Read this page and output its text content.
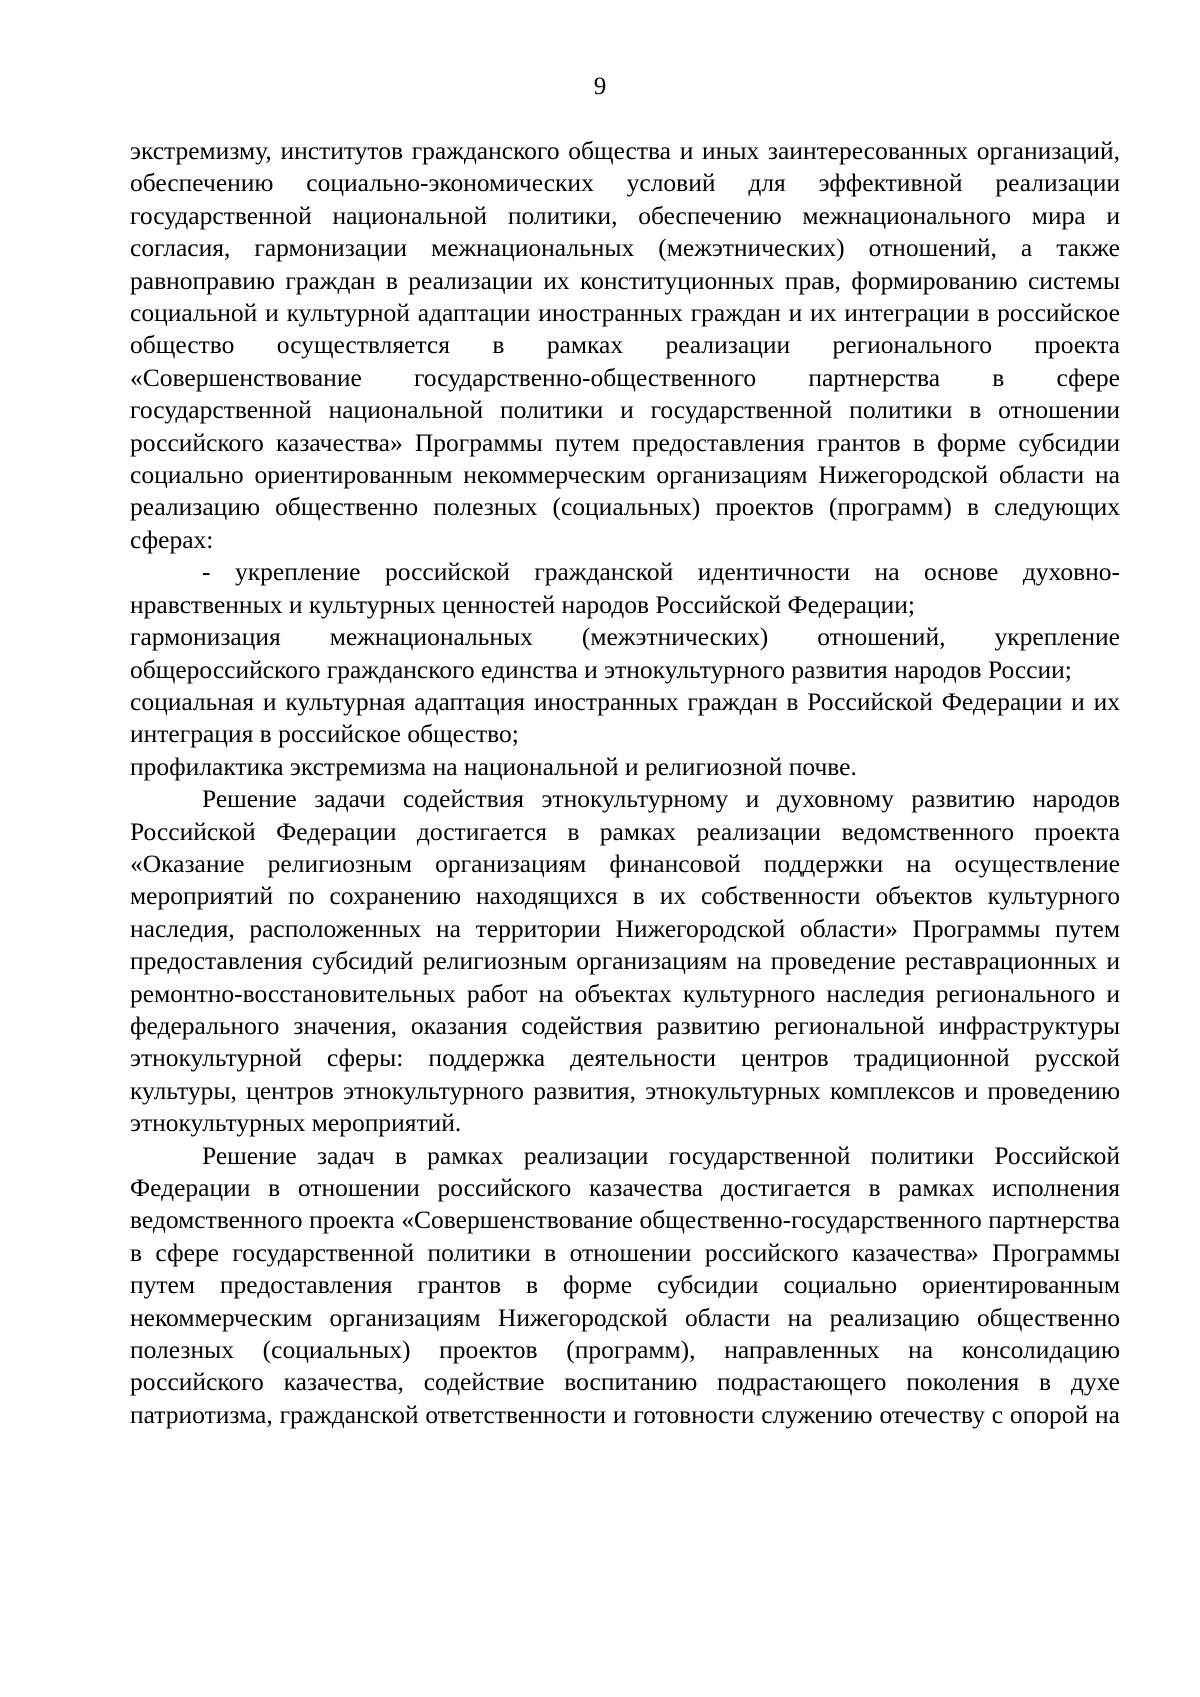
9

экстремизму, институтов гражданского общества и иных заинтересованных организаций, обеспечению социально-экономических условий для эффективной реализации государственной национальной политики, обеспечению межнационального мира и согласия, гармонизации межнациональных (межэтнических) отношений, а также равноправию граждан в реализации их конституционных прав, формированию системы социальной и культурной адаптации иностранных граждан и их интеграции в российское общество осуществляется в рамках реализации регионального проекта «Совершенствование государственно-общественного партнерства в сфере государственной национальной политики и государственной политики в отношении российского казачества» Программы путем предоставления грантов в форме субсидии социально ориентированным некоммерческим организациям Нижегородской области на реализацию общественно полезных (социальных) проектов (программ) в следующих сферах:

- укрепление российской гражданской идентичности на основе духовно-нравственных и культурных ценностей народов Российской Федерации;

гармонизация межнациональных (межэтнических) отношений, укрепление общероссийского гражданского единства и этнокультурного развития народов России;

социальная и культурная адаптация иностранных граждан в Российской Федерации и их интеграция в российское общество;

профилактика экстремизма на национальной и религиозной почве.

Решение задачи содействия этнокультурному и духовному развитию народов Российской Федерации достигается в рамках реализации ведомственного проекта «Оказание религиозным организациям финансовой поддержки на осуществление мероприятий по сохранению находящихся в их собственности объектов культурного наследия, расположенных на территории Нижегородской области» Программы путем предоставления субсидий религиозным организациям на проведение реставрационных и ремонтно-восстановительных работ на объектах культурного наследия регионального и федерального значения, оказания содействия развитию региональной инфраструктуры этнокультурной сферы: поддержка деятельности центров традиционной русской культуры, центров этнокультурного развития, этнокультурных комплексов и проведению этнокультурных мероприятий.

Решение задач в рамках реализации государственной политики Российской Федерации в отношении российского казачества достигается в рамках исполнения ведомственного проекта «Совершенствование общественно-государственного партнерства в сфере государственной политики в отношении российского казачества» Программы путем предоставления грантов в форме субсидии социально ориентированным некоммерческим организациям Нижегородской области на реализацию общественно полезных (социальных) проектов (программ), направленных на консолидацию российского казачества, содействие воспитанию подрастающего поколения в духе патриотизма, гражданской ответственности и готовности служению отечеству с опорой на
